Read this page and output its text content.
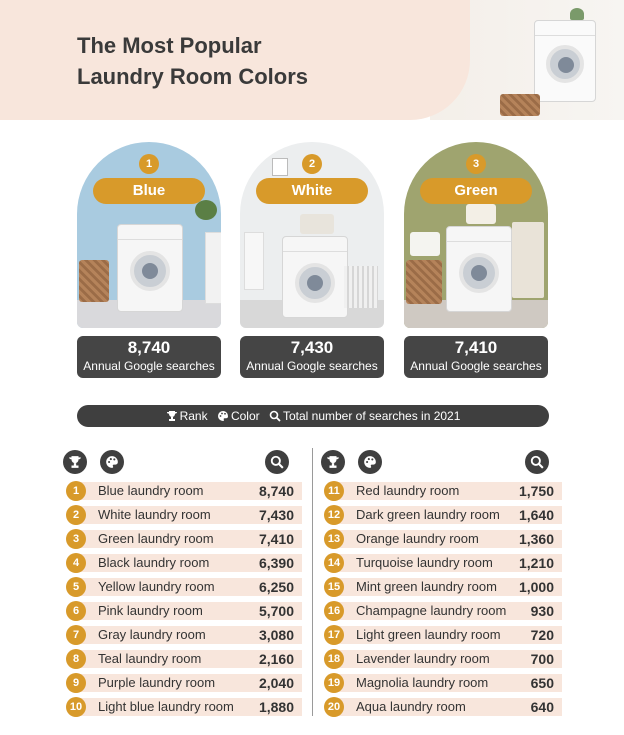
The Most Popular
Laundry Room Colors
1
Blue
2
White
3
Green
8,740
Annual Google searches
7,430
Annual Google searches
7,410
Annual Google searches
Rank Color Total number of searches in 2021
1	Blue laundry room	8,740
2	White laundry room	7,430
3	Green laundry room	7,410
4	Black laundry room	6,390
5	Yellow laundry room	6,250
6	Pink laundry room	5,700
7	Gray laundry room	3,080
8	Teal laundry room	2,160
9	Purple laundry room	2,040
10 Light blue laundry room 1,880
11	Red laundry room	1,750
12 Dark green laundry room 1,640
13 Orange laundry room	1,360
14 Turquoise laundry room 1,210
15 Mint green laundry room 1,000
16 Champagne laundry room 930
17 Light green laundry room 720
18 Lavender laundry room	700
19 Magnolia laundry room	650
20 Aqua laundry room	640
